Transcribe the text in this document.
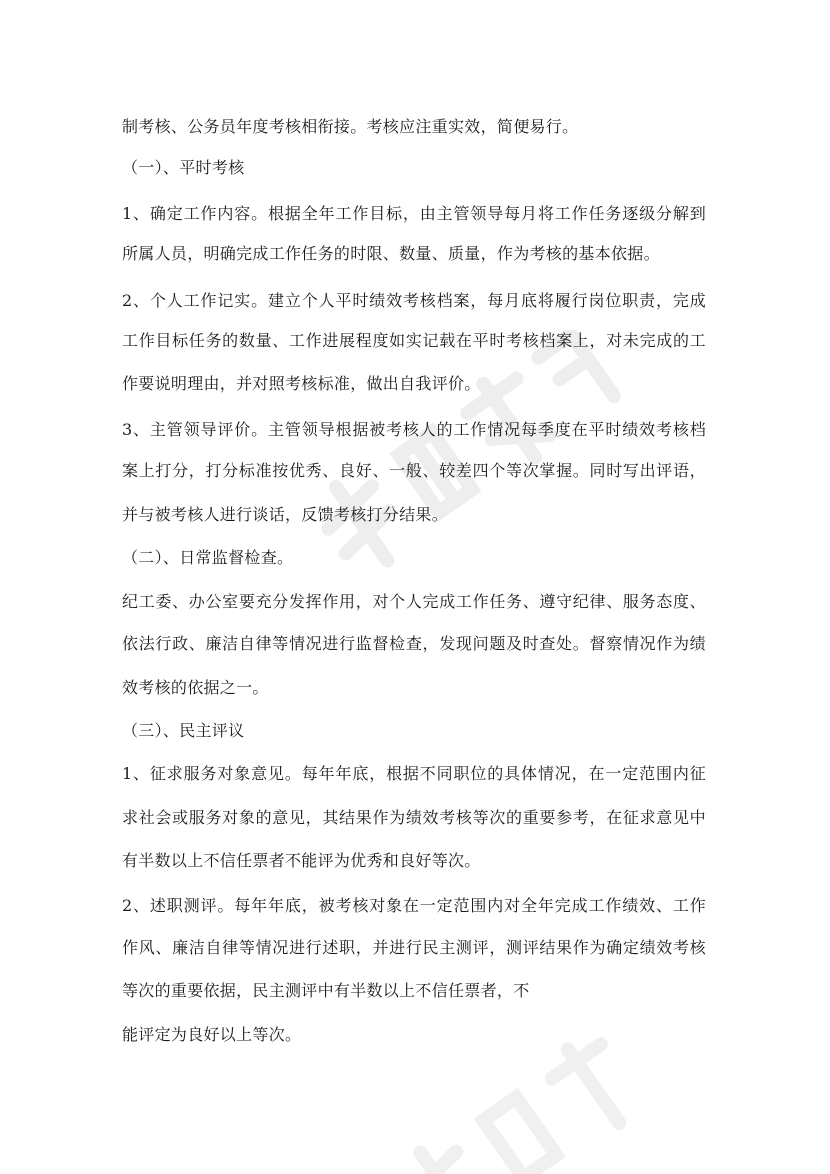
制考核、公务员年度考核相衔接。考核应注重实效，简便易行。
（一）、平时考核
1、确定工作内容。根据全年工作目标，由主管领导每月将工作任务逐级分解到
所属人员，明确完成工作任务的时限、数量、质量，作为考核的基本依据。
2、个人工作记实。建立个人平时绩效考核档案，每月底将履行岗位职责，完成
工作目标任务的数量、工作进展程度如实记载在平时考核档案上，对未完成的工
作要说明理由，并对照考核标准，做出自我评价。
3、主管领导评价。主管领导根据被考核人的工作情况每季度在平时绩效考核档
案上打分，打分标准按优秀、良好、一般、较差四个等次掌握。同时写出评语，
并与被考核人进行谈话，反馈考核打分结果。
（二）、日常监督检查。
纪工委、办公室要充分发挥作用，对个人完成工作任务、遵守纪律、服务态度、
依法行政、廉洁自律等情况进行监督检查，发现问题及时查处。督察情况作为绩
效考核的依据之一。
（三）、民主评议
1、征求服务对象意见。每年年底，根据不同职位的具体情况，在一定范围内征
求社会或服务对象的意见，其结果作为绩效考核等次的重要参考，在征求意见中
有半数以上不信任票者不能评为优秀和良好等次。
2、述职测评。每年年底，被考核对象在一定范围内对全年完成工作绩效、工作
作风、廉洁自律等情况进行述职，并进行民主测评，测评结果作为确定绩效考核
等次的重要依据，民主测评中有半数以上不信任票者，不
能评定为良好以上等次。
